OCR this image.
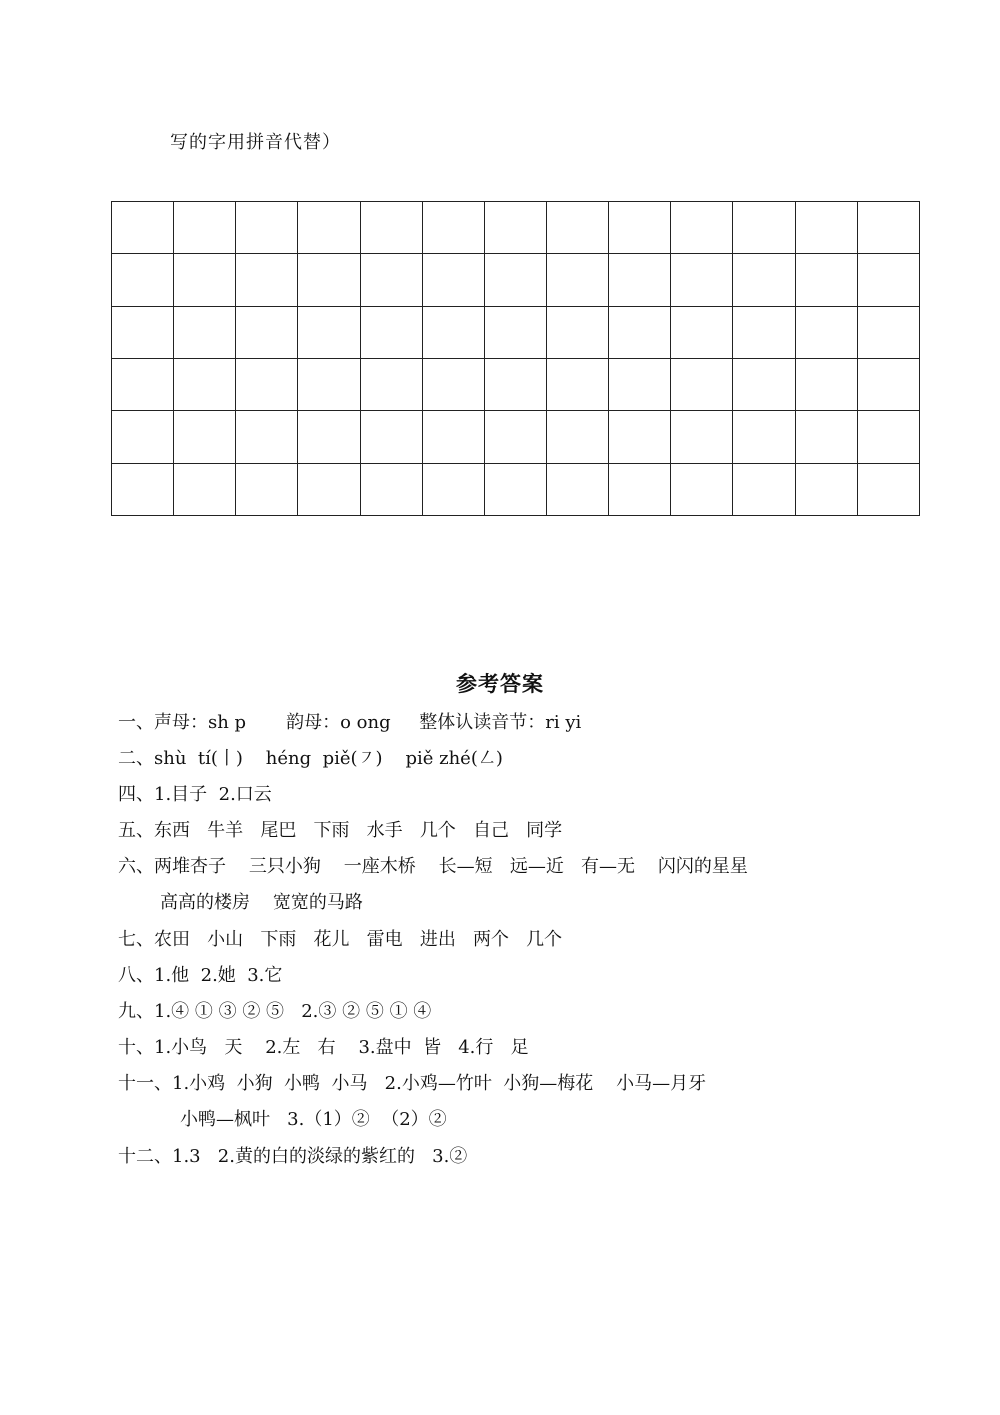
写的字用拼音代替）

参考答案
一、声母：sh p       韵母：o ong     整体认读音节：ri yi
二、shù  tí(丨)    héng  piě(㇇)    piě zhé(㇜)
四、1.目子  2.口云
五、东西   牛羊   尾巴   下雨   水手   几个   自己   同学
六、两堆杏子    三只小狗    一座木桥    长—短   远—近   有—无    闪闪的星星
高高的楼房    宽宽的马路
七、农田   小山   下雨   花儿   雷电   进出   两个   几个
八、1.他  2.她  3.它
九、1.④ ① ③ ② ⑤   2.③ ② ⑤ ① ④
十、1.小鸟   天    2.左   右    3.盘中  皆   4.行   足
十一、1.小鸡  小狗  小鸭  小马   2.小鸡—竹叶  小狗—梅花    小马—月牙
小鸭—枫叶   3.（1）②  （2）②
十二、1.3   2.黄的白的淡绿的紫红的   3.②
